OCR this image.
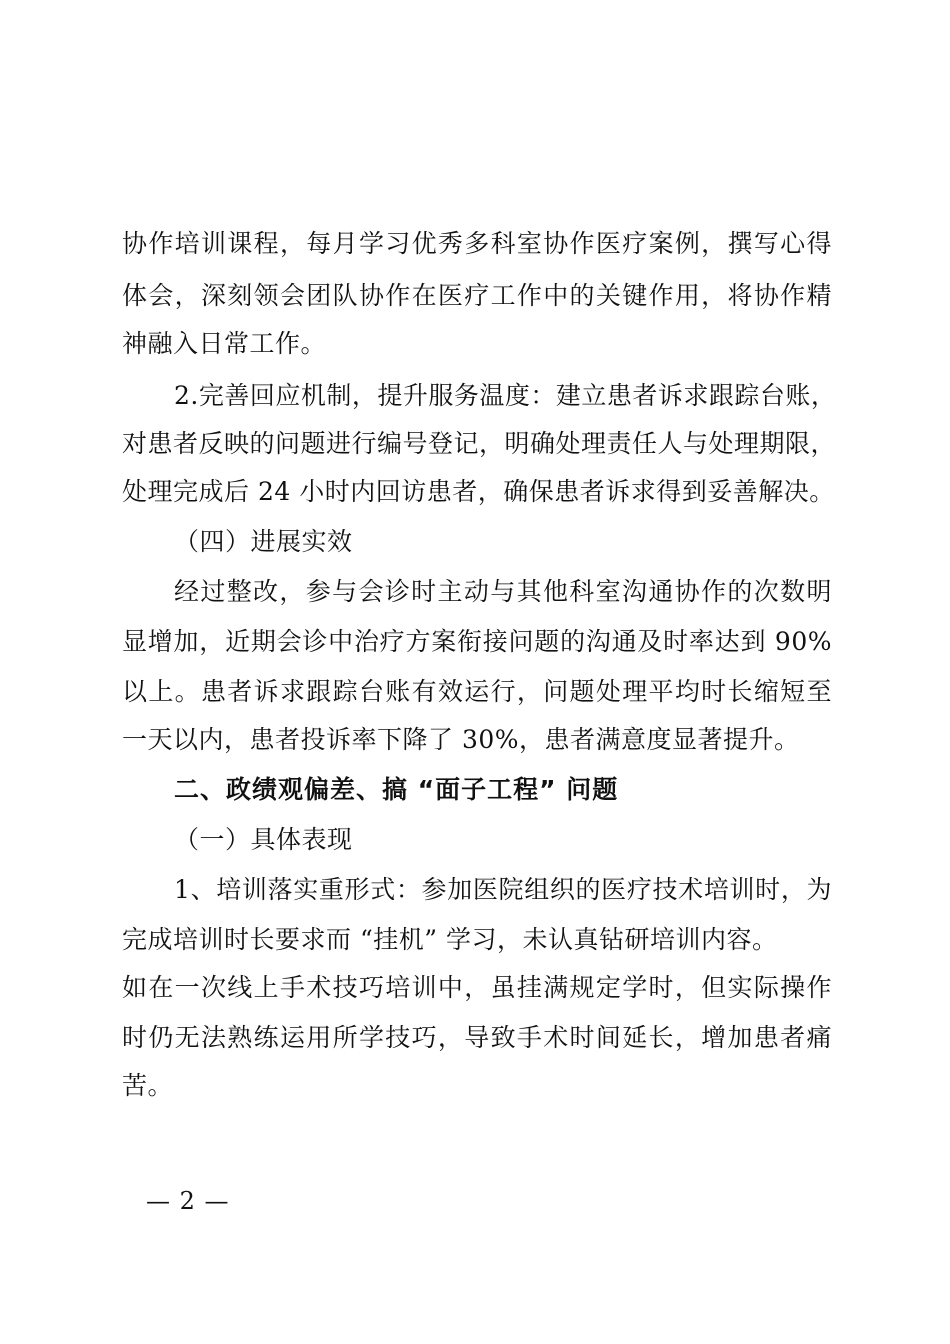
协作培训课程，每月学习优秀多科室协作医疗案例，撰写心得
体会，深刻领会团队协作在医疗工作中的关键作用，将协作精
神融入日常工作。
2.完善回应机制，提升服务温度：建立患者诉求跟踪台账，
对患者反映的问题进行编号登记，明确处理责任人与处理期限，
处理完成后 24 小时内回访患者，确保患者诉求得到妥善解决。
（四）进展实效
经过整改，参与会诊时主动与其他科室沟通协作的次数明
显增加，近期会诊中治疗方案衔接问题的沟通及时率达到 90%
以上。患者诉求跟踪台账有效运行，问题处理平均时长缩短至
一天以内，患者投诉率下降了 30%，患者满意度显著提升。
二、政绩观偏差、搞 “面子工程” 问题
（一）具体表现
1、培训落实重形式：参加医院组织的医疗技术培训时，为
完成培训时长要求而 “挂机” 学习，未认真钻研培训内容。
如在一次线上手术技巧培训中，虽挂满规定学时，但实际操作
时仍无法熟练运用所学技巧，导致手术时间延长，增加患者痛
苦。
— 2 —
